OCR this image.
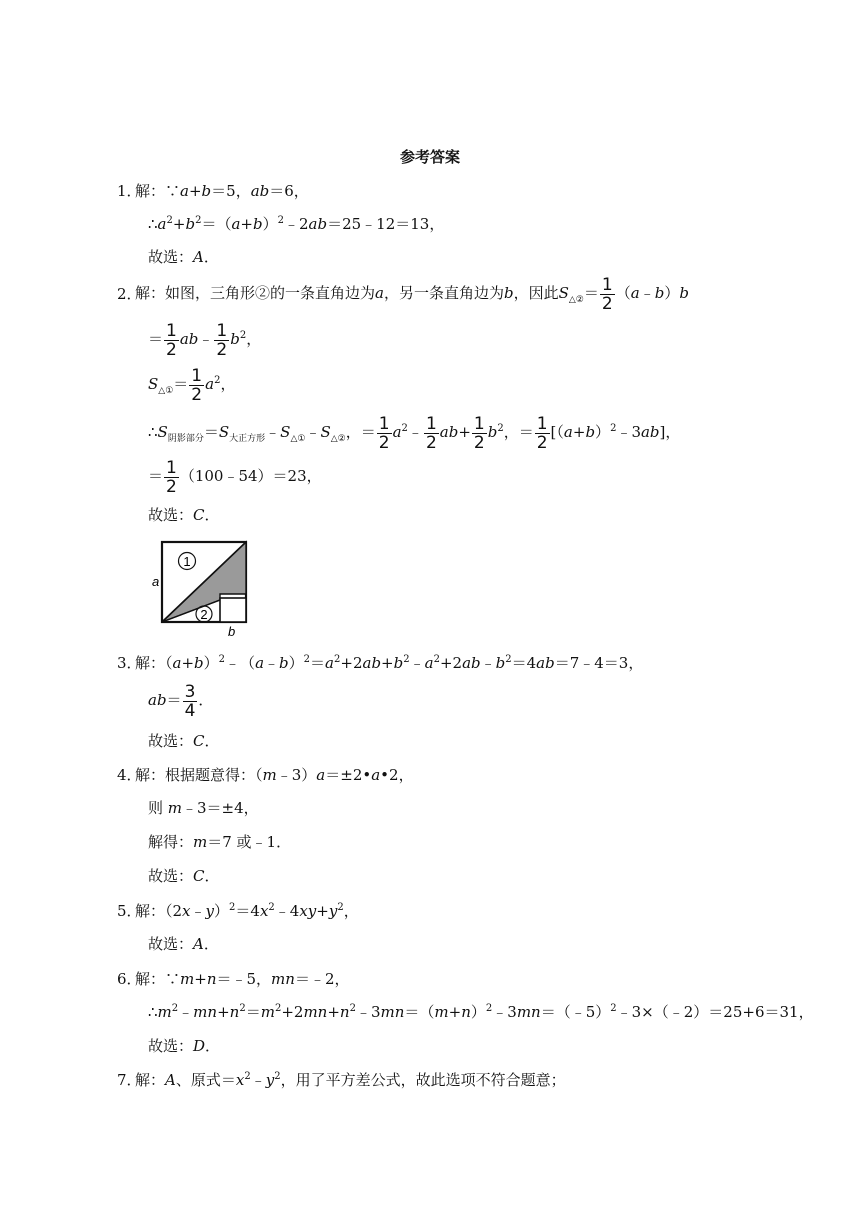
参考答案
1．
解：∵a+b＝5，ab＝6，
$\therefore a^2+b^2=(a+b)^2﹣2ab=25﹣12=13$，
故选：A．
2．
解：如图，三角形②的一条直角边为a，另一条直角边为b，因此$S_{\triangle ②}= \frac{1}{2}$ （a﹣b）b
＝ $\frac{1}{2}$ ab﹣ $\frac{1}{2} b^2$，
$S_{\triangle ①}= \frac{1}{2} a^2$，
$\therefore S_{阴影部分}=S_{大正方形}﹣S_{\triangle ①}﹣S_{\triangle ②}$，＝ $\frac{1}{2}$ $a^2﹣ \frac{1}{2} ab+ \frac{1}{2} b^2$，＝ $\frac{1}{2}$ $[(a+b)^2﹣3ab]$，
＝ $\frac{1}{2}$ （100﹣54）＝23，
故选：C．
1
2
a
b
3．
解：$(a+b)^2﹣(a﹣b)^2=a^2+2ab+b^2﹣a^2+2ab﹣b^2=4ab=7﹣4=3$，
$ab= \frac{3}{4}$ ．
故选：C．
4．
解：根据题意得：（m﹣3）a＝±2•a•2，
则 m﹣3＝±4，
解得：m＝7 或﹣1．
故选：C．
5．
解：$(2x﹣y)^2=4x^2﹣4xy+y^2$，
故选：A．
6．
解：∵m+n＝﹣5，mn＝﹣2，
$\therefore m^2﹣mn+n^2=m^2+2mn+n^2﹣3mn=(m+n)^2﹣3mn=(﹣5)^2﹣3\times(﹣2)=25+6=31$，
故选：D．
7．
解：A、原式$=x^2﹣y^2$，用了平方差公式，故此选项不符合题意；
